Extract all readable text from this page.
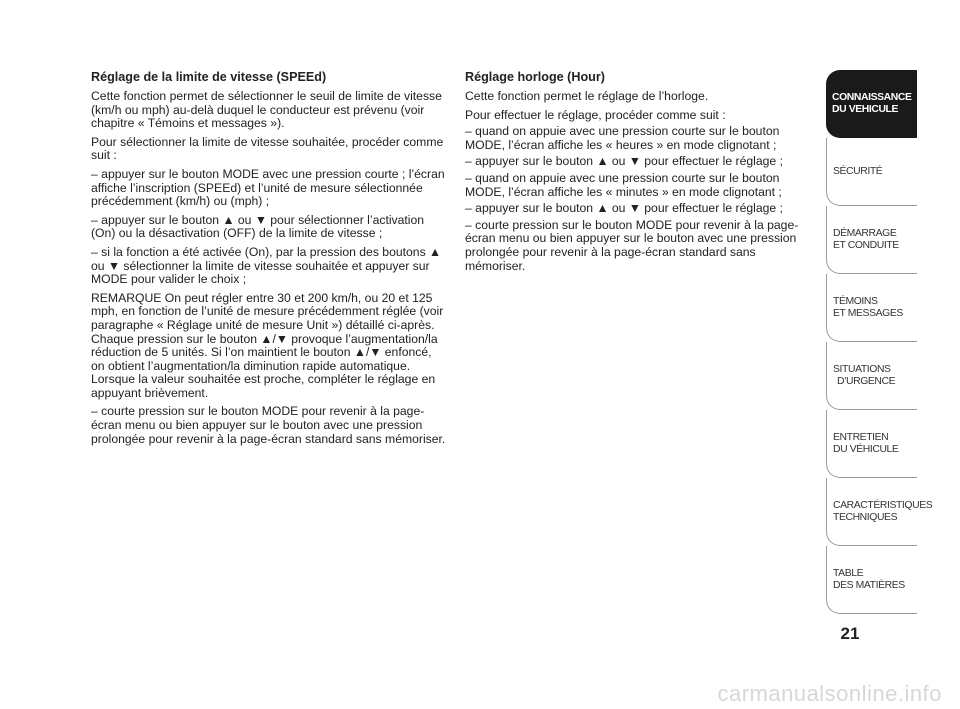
Réglage de la limite de vitesse (SPEEd)

Cette fonction permet de sélectionner le seuil de limite de vitesse (km/h ou mph) au-delà duquel le conducteur est prévenu (voir chapitre « Témoins et messages »).

Pour sélectionner la limite de vitesse souhaitée, procéder comme suit :

– appuyer sur le bouton MODE avec une pression courte ; l’écran affiche l’inscription (SPEEd) et l’unité de mesure sélectionnée précédemment (km/h) ou (mph) ;

– appuyer sur le bouton ▲ ou ▼ pour sélectionner l’activation (On) ou la désactivation (OFF) de la limite de vitesse ;

– si la fonction a été activée (On), par la pression des boutons ▲ ou ▼ sélectionner la limite de vitesse souhaitée et appuyer sur MODE pour valider le choix ;

REMARQUE On peut régler entre 30 et 200 km/h, ou 20 et 125 mph, en fonction de l’unité de mesure précédemment réglée (voir paragraphe « Réglage unité de mesure Unit ») détaillé ci-après. Chaque pression sur le bouton ▲/▼ provoque l’augmentation/la réduction de 5 unités. Si l’on maintient le bouton ▲/▼ enfoncé, on obtient l’augmentation/la diminution rapide automatique. Lorsque la valeur souhaitée est proche, compléter le réglage en appuyant brièvement.

– courte pression sur le bouton MODE pour revenir à la page-écran menu ou bien appuyer sur le bouton avec une pression prolongée pour revenir à la page-écran standard sans mémoriser.

Réglage horloge (Hour)

Cette fonction permet le réglage de l’horloge.

Pour effectuer le réglage, procéder comme suit :

– quand on appuie avec une pression courte sur le bouton MODE, l’écran affiche les « heures » en mode clignotant ;

– appuyer sur le bouton ▲ ou ▼ pour effectuer le réglage ;

– quand on appuie avec une pression courte sur le bouton MODE, l’écran affiche les « minutes » en mode clignotant ;

– appuyer sur le bouton ▲ ou ▼ pour effectuer le réglage ;

– courte pression sur le bouton MODE pour revenir à la page-écran menu ou bien appuyer sur le bouton avec une pression prolongée pour revenir à la page-écran standard sans mémoriser.

CONNAISSANCE
DU VEHICULE
SÉCURITÉ
DÉMARRAGE
ET CONDUITE
TÉMOINS
ET MESSAGES
SITUATIONS
D’URGENCE
ENTRETIEN
DU VÉHICULE
CARACTÉRISTIQUES
TECHNIQUES
TABLE
DES MATIÈRES
21
carmanualsonline.info
